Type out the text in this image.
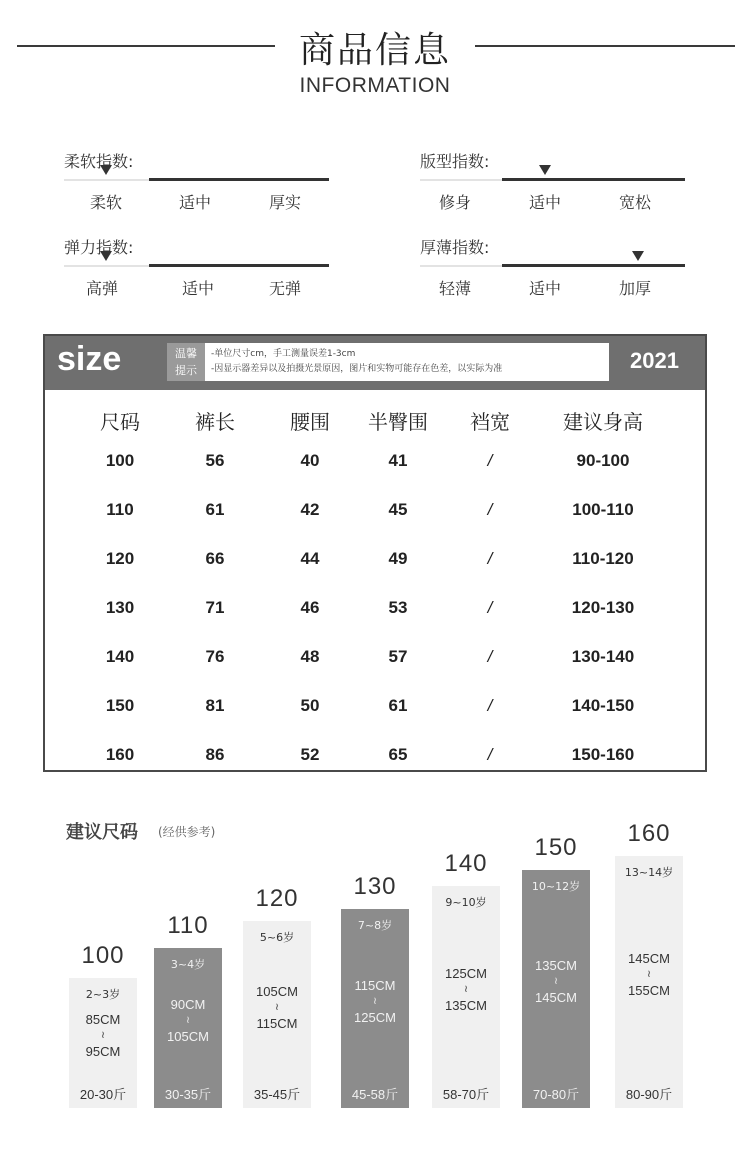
商品信息
INFORMATION
柔软指数:
柔软	适中	厚实
版型指数:
修身	适中	宽松
弹力指数:
高弹	适中	无弹
厚薄指数:
轻薄	适中	加厚
size	温馨
提示
-单位尺寸cm，手工测量误差1-3cm
-因显示器差异以及拍摄光景原因，图片和实物可能存在色差，以实际为准	2021
尺码	裤长	腰围	半臀围	裆宽	建议身高
100	56	40	41	/	90-100
110	61	42	45	/	100-110
120	66	44	49	/	110-120
130	71	46	53	/	120-130
140	76	48	57	/	130-140
150	81	50	61	/	140-150
160	86	52	65	/	150-160
建议尺码 (经供参考)
100
2~3岁
85CM
≀
95CM
20-30斤
110
3~4岁
90CM
≀
105CM
30-35斤
120
5~6岁
105CM
≀
115CM
35-45斤
130
7~8岁
115CM
≀
125CM
45-58斤
140
9~10岁
125CM
≀
135CM
58-70斤
150
10~12岁
135CM
≀
145CM
70-80斤
160
13~14岁
145CM
≀
155CM
80-90斤
